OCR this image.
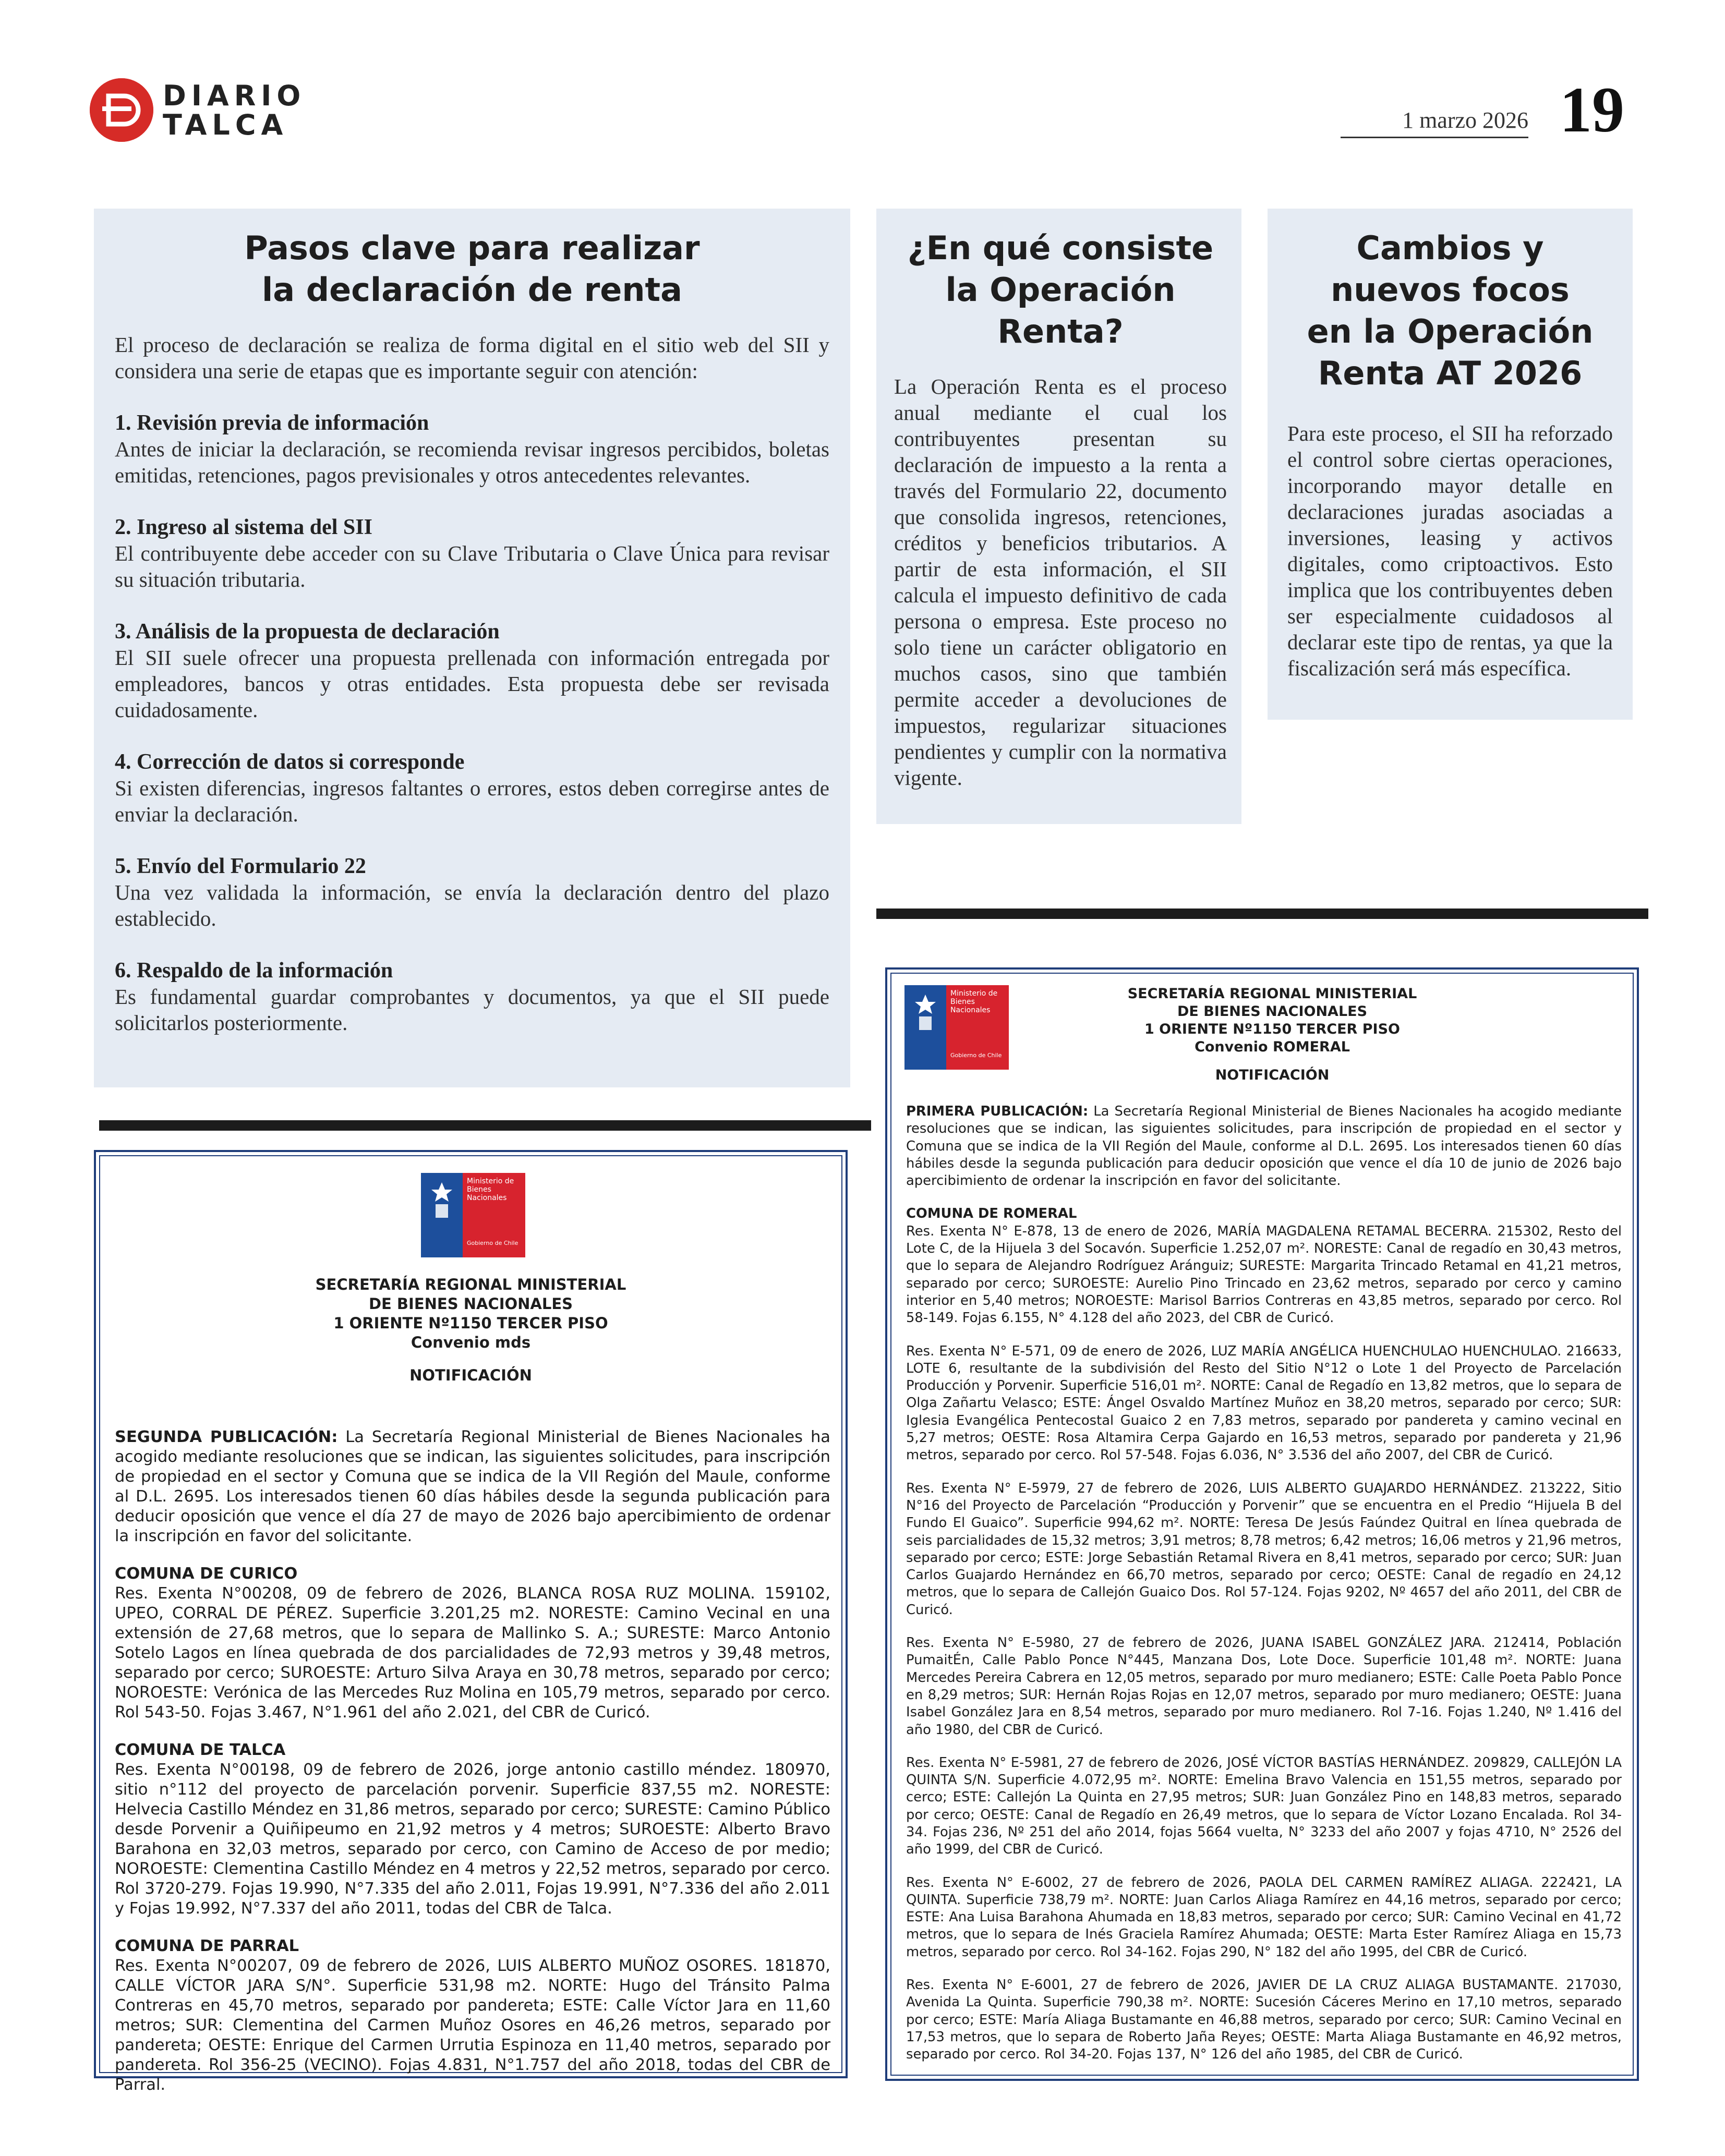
DIARIO
TALCA	1 marzo 2026 19
Pasos clave para realizar
la declaración de renta

El proceso de declaración se realiza de forma digital en el sitio web del SII y considera una serie de etapas que es importante seguir con atención:

1. Revisión previa de información

Antes de iniciar la declaración, se recomienda revisar ingresos percibidos, boletas emitidas, retenciones, pagos previsionales y otros antecedentes relevantes.

2. Ingreso al sistema del SII

El contribuyente debe acceder con su Clave Tributaria o Clave Única para revisar su situación tributaria.

3. Análisis de la propuesta de declaración

El SII suele ofrecer una propuesta prellenada con información entregada por empleadores, bancos y otras entidades. Esta propuesta debe ser revisada cuidadosamente.

4. Corrección de datos si corresponde

Si existen diferencias, ingresos faltantes o errores, estos deben corregirse antes de enviar la declaración.

5. Envío del Formulario 22

Una vez validada la información, se envía la declaración dentro del plazo establecido.

6. Respaldo de la información

Es fundamental guardar comprobantes y documentos, ya que el SII puede solicitarlos posteriormente.

¿En qué consiste
la Operación
Renta?

La Operación Renta es el proceso anual mediante el cual los contribuyentes presentan su declaración de impuesto a la renta a través del Formulario 22, documento que consolida ingresos, retenciones, créditos y beneficios tributarios. A partir de esta información, el SII calcula el impuesto definitivo de cada persona o empresa. Este proceso no solo tiene un carácter obligatorio en muchos casos, sino que también permite acceder a devoluciones de impuestos, regularizar situaciones pendientes y cumplir con la normativa vigente.

Cambios y
nuevos focos
en la Operación
Renta AT 2026

Para este proceso, el SII ha reforzado el control sobre ciertas operaciones, incorporando mayor detalle en declaraciones juradas asociadas a inversiones, leasing y activos digitales, como criptoactivos. Esto implica que los contribuyentes deben ser especialmente cuidadosos al declarar este tipo de rentas, ya que la fiscalización será más específica.

Ministerio de
Bienes
Nacionales
Gobierno de Chile
SECRETARÍA REGIONAL MINISTERIAL
DE BIENES NACIONALES
1 ORIENTE Nº1150 TERCER PISO
Convenio mds
NOTIFICACIÓN

SEGUNDA PUBLICACIÓN: La Secretaría Regional Ministerial de Bienes Nacionales ha acogido mediante resoluciones que se indican, las siguientes solicitudes, para inscripción de propiedad en el sector y Comuna que se indica de la VII Región del Maule, conforme al D.L. 2695. Los interesados tienen 60 días hábiles desde la segunda publicación para deducir oposición que vence el día 27 de mayo de 2026 bajo apercibimiento de ordenar la inscripción en favor del solicitante.

COMUNA DE CURICO

Res. Exenta N°00208, 09 de febrero de 2026, BLANCA ROSA RUZ MOLINA. 159102, UPEO, CORRAL DE PÉREZ. Superficie 3.201,25 m2. NORESTE: Camino Vecinal en una extensión de 27,68 metros, que lo separa de Mallinko S. A.; SURESTE: Marco Antonio Sotelo Lagos en línea quebrada de dos parcialidades de 72,93 metros y 39,48 metros, separado por cerco; SUROESTE: Arturo Silva Araya en 30,78 metros, separado por cerco; NOROESTE: Verónica de las Mercedes Ruz Molina en 105,79 metros, separado por cerco. Rol 543-50. Fojas 3.467, N°1.961 del año 2.021, del CBR de Curicó.

COMUNA DE TALCA

Res. Exenta N°00198, 09 de febrero de 2026, jorge antonio castillo méndez. 180970, sitio n°112 del proyecto de parcelación porvenir. Superficie 837,55 m2. NORESTE: Helvecia Castillo Méndez en 31,86 metros, separado por cerco; SURESTE: Camino Público desde Porvenir a Quiñipeumo en 21,92 metros y 4 metros; SUROESTE: Alberto Bravo Barahona en 32,03 metros, separado por cerco, con Camino de Acceso de por medio; NOROESTE: Clementina Castillo Méndez en 4 metros y 22,52 metros, separado por cerco. Rol 3720-279. Fojas 19.990, N°7.335 del año 2.011, Fojas 19.991, N°7.336 del año 2.011 y Fojas 19.992, N°7.337 del año 2011, todas del CBR de Talca.

COMUNA DE PARRAL

Res. Exenta N°00207, 09 de febrero de 2026, LUIS ALBERTO MUÑOZ OSORES. 181870, CALLE VÍCTOR JARA S/N°. Superficie 531,98 m2. NORTE: Hugo del Tránsito Palma Contreras en 45,70 metros, separado por pandereta; ESTE: Calle Víctor Jara en 11,60 metros; SUR: Clementina del Carmen Muñoz Osores en 46,26 metros, separado por pandereta; OESTE: Enrique del Carmen Urrutia Espinoza en 11,40 metros, separado por pandereta. Rol 356-25 (VECINO). Fojas 4.831, N°1.757 del año 2018, todas del CBR de Parral.

Ministerio de
Bienes
Nacionales
Gobierno de Chile
SECRETARÍA REGIONAL MINISTERIAL
DE BIENES NACIONALES
1 ORIENTE Nº1150 TERCER PISO
Convenio ROMERAL
NOTIFICACIÓN

PRIMERA PUBLICACIÓN: La Secretaría Regional Ministerial de Bienes Nacionales ha acogido mediante resoluciones que se indican, las siguientes solicitudes, para inscripción de propiedad en el sector y Comuna que se indica de la VII Región del Maule, conforme al D.L. 2695. Los interesados tienen 60 días hábiles desde la segunda publicación para deducir oposición que vence el día 10 de junio de 2026 bajo apercibimiento de ordenar la inscripción en favor del solicitante.

COMUNA DE ROMERAL

Res. Exenta N° E-878, 13 de enero de 2026, MARÍA MAGDALENA RETAMAL BECERRA. 215302, Resto del Lote C, de la Hijuela 3 del Socavón. Superficie 1.252,07 m². NORESTE: Canal de regadío en 30,43 metros, que lo separa de Alejandro Rodríguez Aránguiz; SURESTE: Margarita Trincado Retamal en 41,21 metros, separado por cerco; SUROESTE: Aurelio Pino Trincado en 23,62 metros, separado por cerco y camino interior en 5,40 metros; NOROESTE: Marisol Barrios Contreras en 43,85 metros, separado por cerco. Rol 58-149. Fojas 6.155, N° 4.128 del año 2023, del CBR de Curicó.

Res. Exenta N° E-571, 09 de enero de 2026, LUZ MARÍA ANGÉLICA HUENCHULAO HUENCHULAO. 216633, LOTE 6, resultante de la subdivisión del Resto del Sitio N°12 o Lote 1 del Proyecto de Parcelación Producción y Porvenir. Superficie 516,01 m². NORTE: Canal de Regadío en 13,82 metros, que lo separa de Olga Zañartu Velasco; ESTE: Ángel Osvaldo Martínez Muñoz en 38,20 metros, separado por cerco; SUR: Iglesia Evangélica Pentecostal Guaico 2 en 7,83 metros, separado por pandereta y camino vecinal en 5,27 metros; OESTE: Rosa Altamira Cerpa Gajardo en 16,53 metros, separado por pandereta y 21,96 metros, separado por cerco. Rol 57-548. Fojas 6.036, N° 3.536 del año 2007, del CBR de Curicó.

Res. Exenta N° E-5979, 27 de febrero de 2026, LUIS ALBERTO GUAJARDO HERNÁNDEZ. 213222, Sitio N°16 del Proyecto de Parcelación “Producción y Porvenir” que se encuentra en el Predio “Hijuela B del Fundo El Guaico”. Superficie 994,62 m². NORTE: Teresa De Jesús Faúndez Quitral en línea quebrada de seis parcialidades de 15,32 metros; 3,91 metros; 8,78 metros; 6,42 metros; 16,06 metros y 21,96 metros, separado por cerco; ESTE: Jorge Sebastián Retamal Rivera en 8,41 metros, separado por cerco; SUR: Juan Carlos Guajardo Hernández en 66,70 metros, separado por cerco; OESTE: Canal de regadío en 24,12 metros, que lo separa de Callejón Guaico Dos. Rol 57-124. Fojas 9202, Nº 4657 del año 2011, del CBR de Curicó.

Res. Exenta N° E-5980, 27 de febrero de 2026, JUANA ISABEL GONZÁLEZ JARA. 212414, Población PumaitÉn, Calle Pablo Ponce N°445, Manzana Dos, Lote Doce. Superficie 101,48 m². NORTE: Juana Mercedes Pereira Cabrera en 12,05 metros, separado por muro medianero; ESTE: Calle Poeta Pablo Ponce en 8,29 metros; SUR: Hernán Rojas Rojas en 12,07 metros, separado por muro medianero; OESTE: Juana Isabel González Jara en 8,54 metros, separado por muro medianero. Rol 7-16. Fojas 1.240, Nº 1.416 del año 1980, del CBR de Curicó.

Res. Exenta N° E-5981, 27 de febrero de 2026, JOSÉ VÍCTOR BASTÍAS HERNÁNDEZ. 209829, CALLEJÓN LA QUINTA S/N. Superficie 4.072,95 m². NORTE: Emelina Bravo Valencia en 151,55 metros, separado por cerco; ESTE: Callejón La Quinta en 27,95 metros; SUR: Juan González Pino en 148,83 metros, separado por cerco; OESTE: Canal de Regadío en 26,49 metros, que lo separa de Víctor Lozano Encalada. Rol 34-34. Fojas 236, Nº 251 del año 2014, fojas 5664 vuelta, N° 3233 del año 2007 y fojas 4710, N° 2526 del año 1999, del CBR de Curicó.

Res. Exenta N° E-6002, 27 de febrero de 2026, PAOLA DEL CARMEN RAMÍREZ ALIAGA. 222421, LA QUINTA. Superficie 738,79 m². NORTE: Juan Carlos Aliaga Ramírez en 44,16 metros, separado por cerco; ESTE: Ana Luisa Barahona Ahumada en 18,83 metros, separado por cerco; SUR: Camino Vecinal en 41,72 metros, que lo separa de Inés Graciela Ramírez Ahumada; OESTE: Marta Ester Ramírez Aliaga en 15,73 metros, separado por cerco. Rol 34-162. Fojas 290, N° 182 del año 1995, del CBR de Curicó.

Res. Exenta N° E-6001, 27 de febrero de 2026, JAVIER DE LA CRUZ ALIAGA BUSTAMANTE. 217030, Avenida La Quinta. Superficie 790,38 m². NORTE: Sucesión Cáceres Merino en 17,10 metros, separado por cerco; ESTE: María Aliaga Bustamante en 46,88 metros, separado por cerco; SUR: Camino Vecinal en 17,53 metros, que lo separa de Roberto Jaña Reyes; OESTE: Marta Aliaga Bustamante en 46,92 metros, separado por cerco. Rol 34-20. Fojas 137, N° 126 del año 1985, del CBR de Curicó.
